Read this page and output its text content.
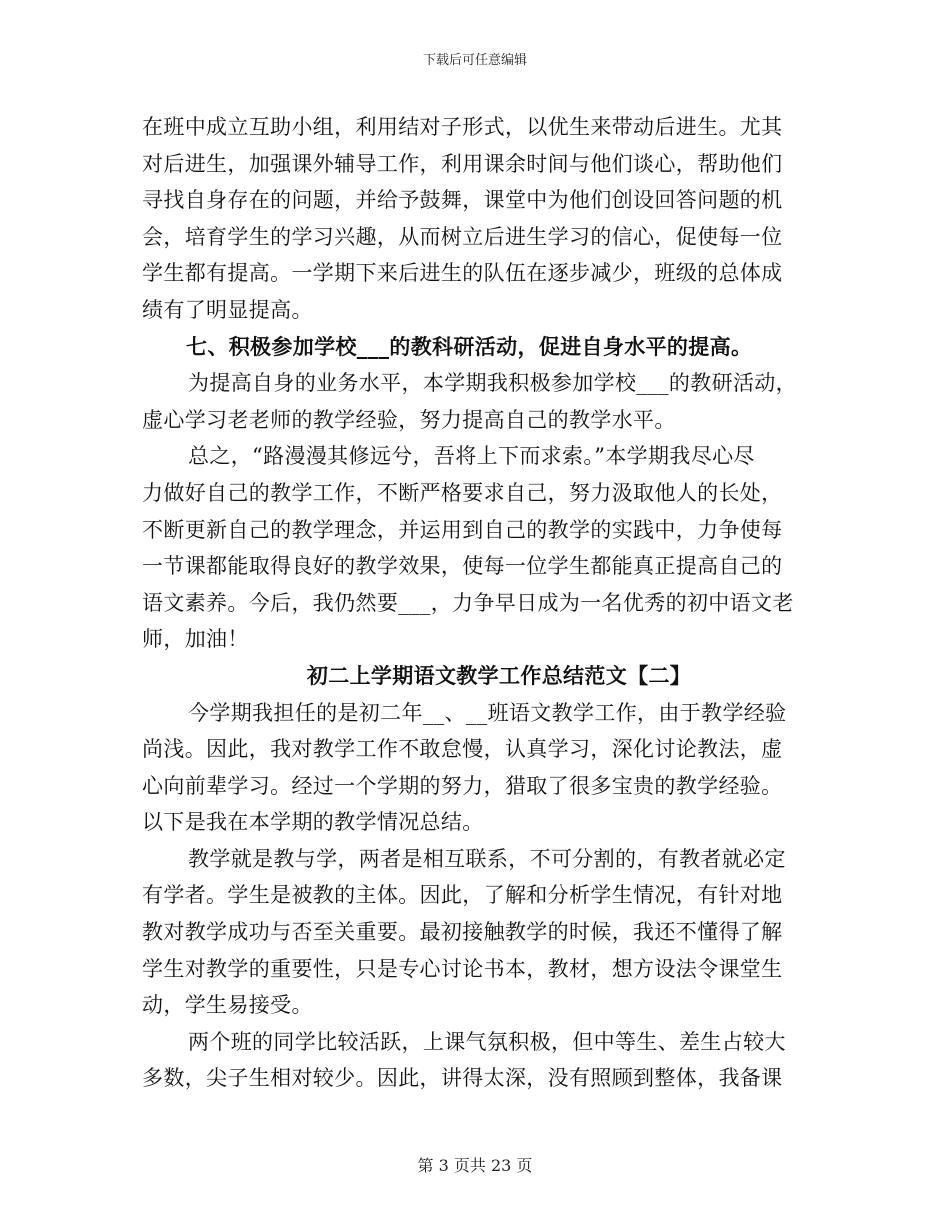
下载后可任意编辑
在班中成立互助小组，利用结对子形式，以优生来带动后进生。尤其
对后进生，加强课外辅导工作，利用课余时间与他们谈心，帮助他们
寻找自身存在的问题，并给予鼓舞，课堂中为他们创设回答问题的机
会，培育学生的学习兴趣，从而树立后进生学习的信心，促使每一位
学生都有提高。一学期下来后进生的队伍在逐步减少，班级的总体成
绩有了明显提高。
七、积极参加学校___的教科研活动，促进自身水平的提高。
为提高自身的业务水平，本学期我积极参加学校___的教研活动，
虚心学习老老师的教学经验，努力提高自己的教学水平。
总之，“路漫漫其修远兮，吾将上下而求索。”本学期我尽心尽
力做好自己的教学工作，不断严格要求自己，努力汲取他人的长处，
不断更新自己的教学理念，并运用到自己的教学的实践中，力争使每
一节课都能取得良好的教学效果，使每一位学生都能真正提高自己的
语文素养。今后，我仍然要___，力争早日成为一名优秀的初中语文老
师，加油！
初二上学期语文教学工作总结范文【二】
今学期我担任的是初二年__、__班语文教学工作，由于教学经验
尚浅。因此，我对教学工作不敢怠慢，认真学习，深化讨论教法，虚
心向前辈学习。经过一个学期的努力，猎取了很多宝贵的教学经验。
以下是我在本学期的教学情况总结。
教学就是教与学，两者是相互联系，不可分割的，有教者就必定
有学者。学生是被教的主体。因此，了解和分析学生情况，有针对地
教对教学成功与否至关重要。最初接触教学的时候，我还不懂得了解
学生对教学的重要性，只是专心讨论书本，教材，想方设法令课堂生
动，学生易接受。
两个班的同学比较活跃，上课气氛积极，但中等生、差生占较大
多数，尖子生相对较少。因此，讲得太深，没有照顾到整体，我备课
第 3 页共 23 页
